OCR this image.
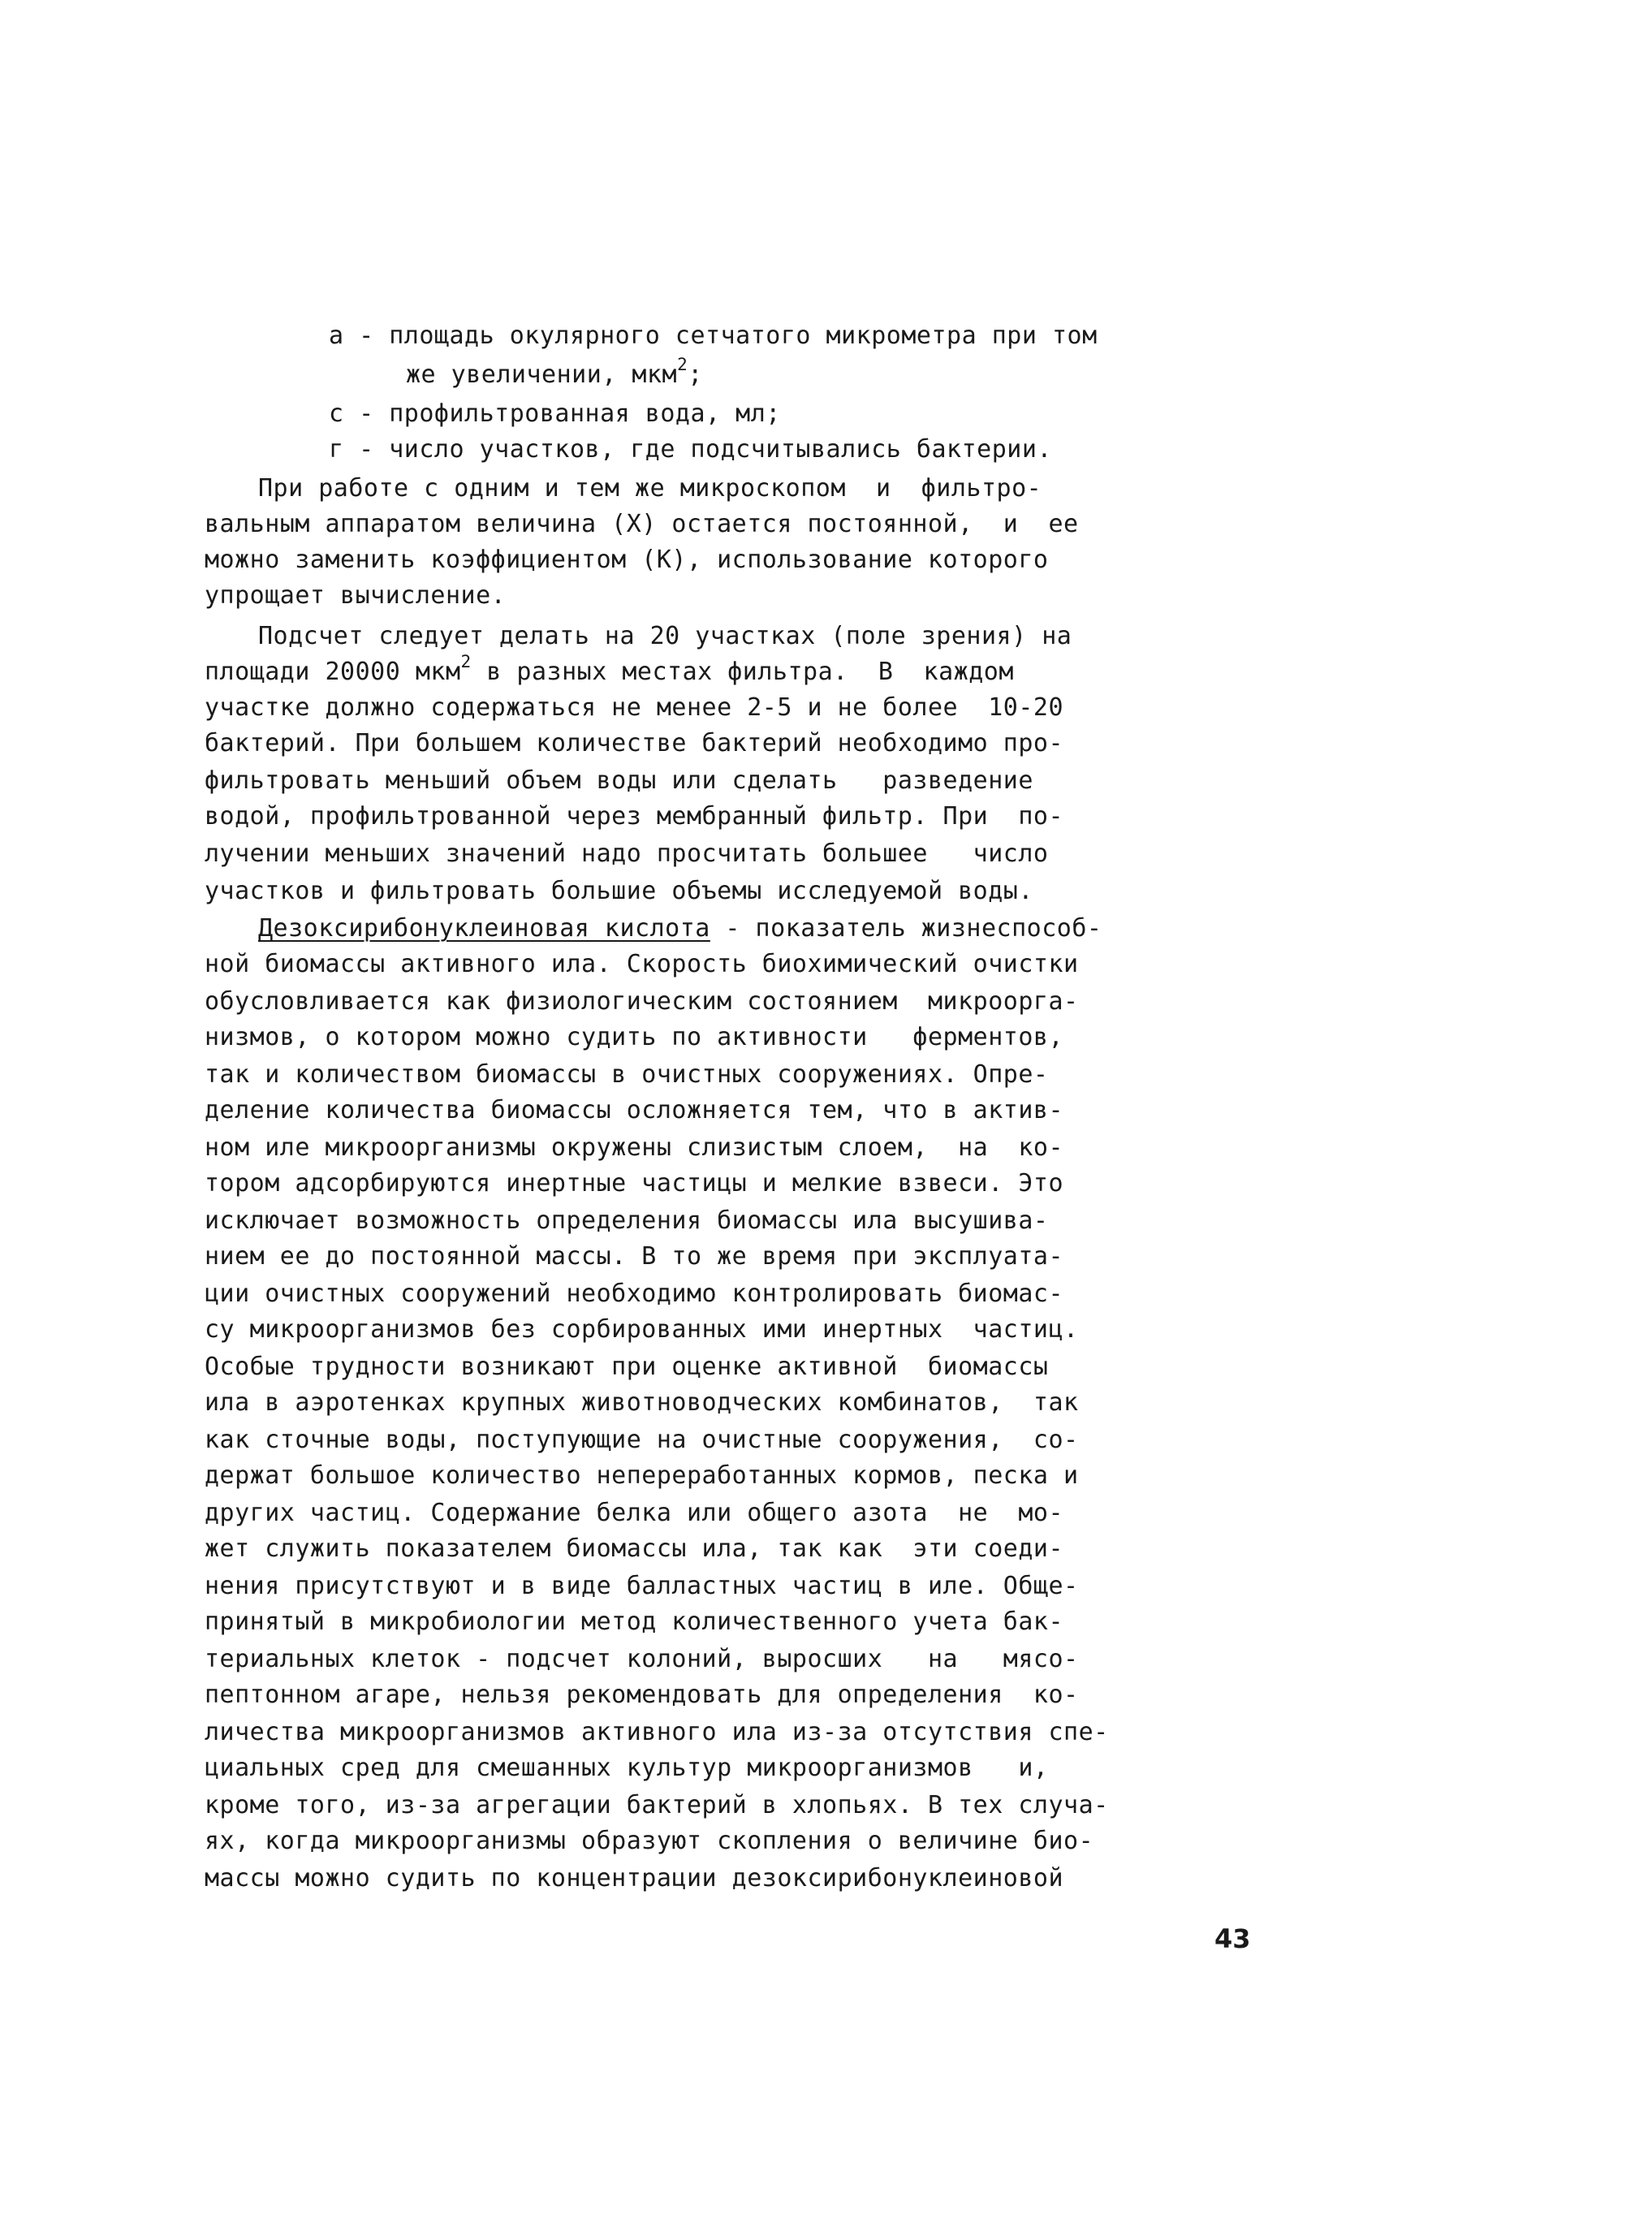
а - площадь окулярного сетчатого микрометра при том
же увеличении, мкм$^2$;
с - профильтрованная вода, мл;
г - число участков, где подсчитывались бактерии.
При работе с одним и тем же микроскопом  и  фильтро-
вальным аппаратом величина (X) остается постоянной,  и  ее
можно заменить коэффициентом (К), использование которого
упрощает вычисление.
Подсчет следует делать на 20 участках (поле зрения) на
площади 20000 мкм$^2$ в разных местах фильтра.  В  каждом
участке должно содержаться не менее 2-5 и не более  10-20
бактерий. При большем количестве бактерий необходимо про-
фильтровать меньший объем воды или сделать   разведение
водой, профильтрованной через мембранный фильтр. При  по-
лучении меньших значений надо просчитать большее   число
участков и фильтровать большие объемы исследуемой воды.
Дезоксирибонуклеиновая кислота - показатель жизнеспособ-
ной биомассы активного ила. Скорость биохимический очистки
обусловливается как физиологическим состоянием  микроорга-
низмов, о котором можно судить по активности   ферментов,
так и количеством биомассы в очистных сооружениях. Опре-
деление количества биомассы осложняется тем, что в актив-
ном иле микроорганизмы окружены слизистым слоем,  на  ко-
тором адсорбируются инертные частицы и мелкие взвеси. Это
исключает возможность определения биомассы ила высушива-
нием ее до постоянной массы. В то же время при эксплуата-
ции очистных сооружений необходимо контролировать биомас-
су микроорганизмов без сорбированных ими инертных  частиц.
Особые трудности возникают при оценке активной  биомассы
ила в аэротенках крупных животноводческих комбинатов,  так
как сточные воды, поступующие на очистные сооружения,  со-
держат большое количество непереработанных кормов, песка и
других частиц. Содержание белка или общего азота  не  мо-
жет служить показателем биомассы ила, так как  эти соеди-
нения присутствуют и в виде балластных частиц в иле. Обще-
принятый в микробиологии метод количественного учета бак-
териальных клеток - подсчет колоний, выросших   на   мясо-
пептонном агаре, нельзя рекомендовать для определения  ко-
личества микроорганизмов активного ила из-за отсутствия спе-
циальных сред для смешанных культур микроорганизмов   и,
кроме того, из-за агрегации бактерий в хлопьях. В тех случа-
ях, когда микроорганизмы образуют скопления о величине био-
массы можно судить по концентрации дезоксирибонуклеиновой
43
